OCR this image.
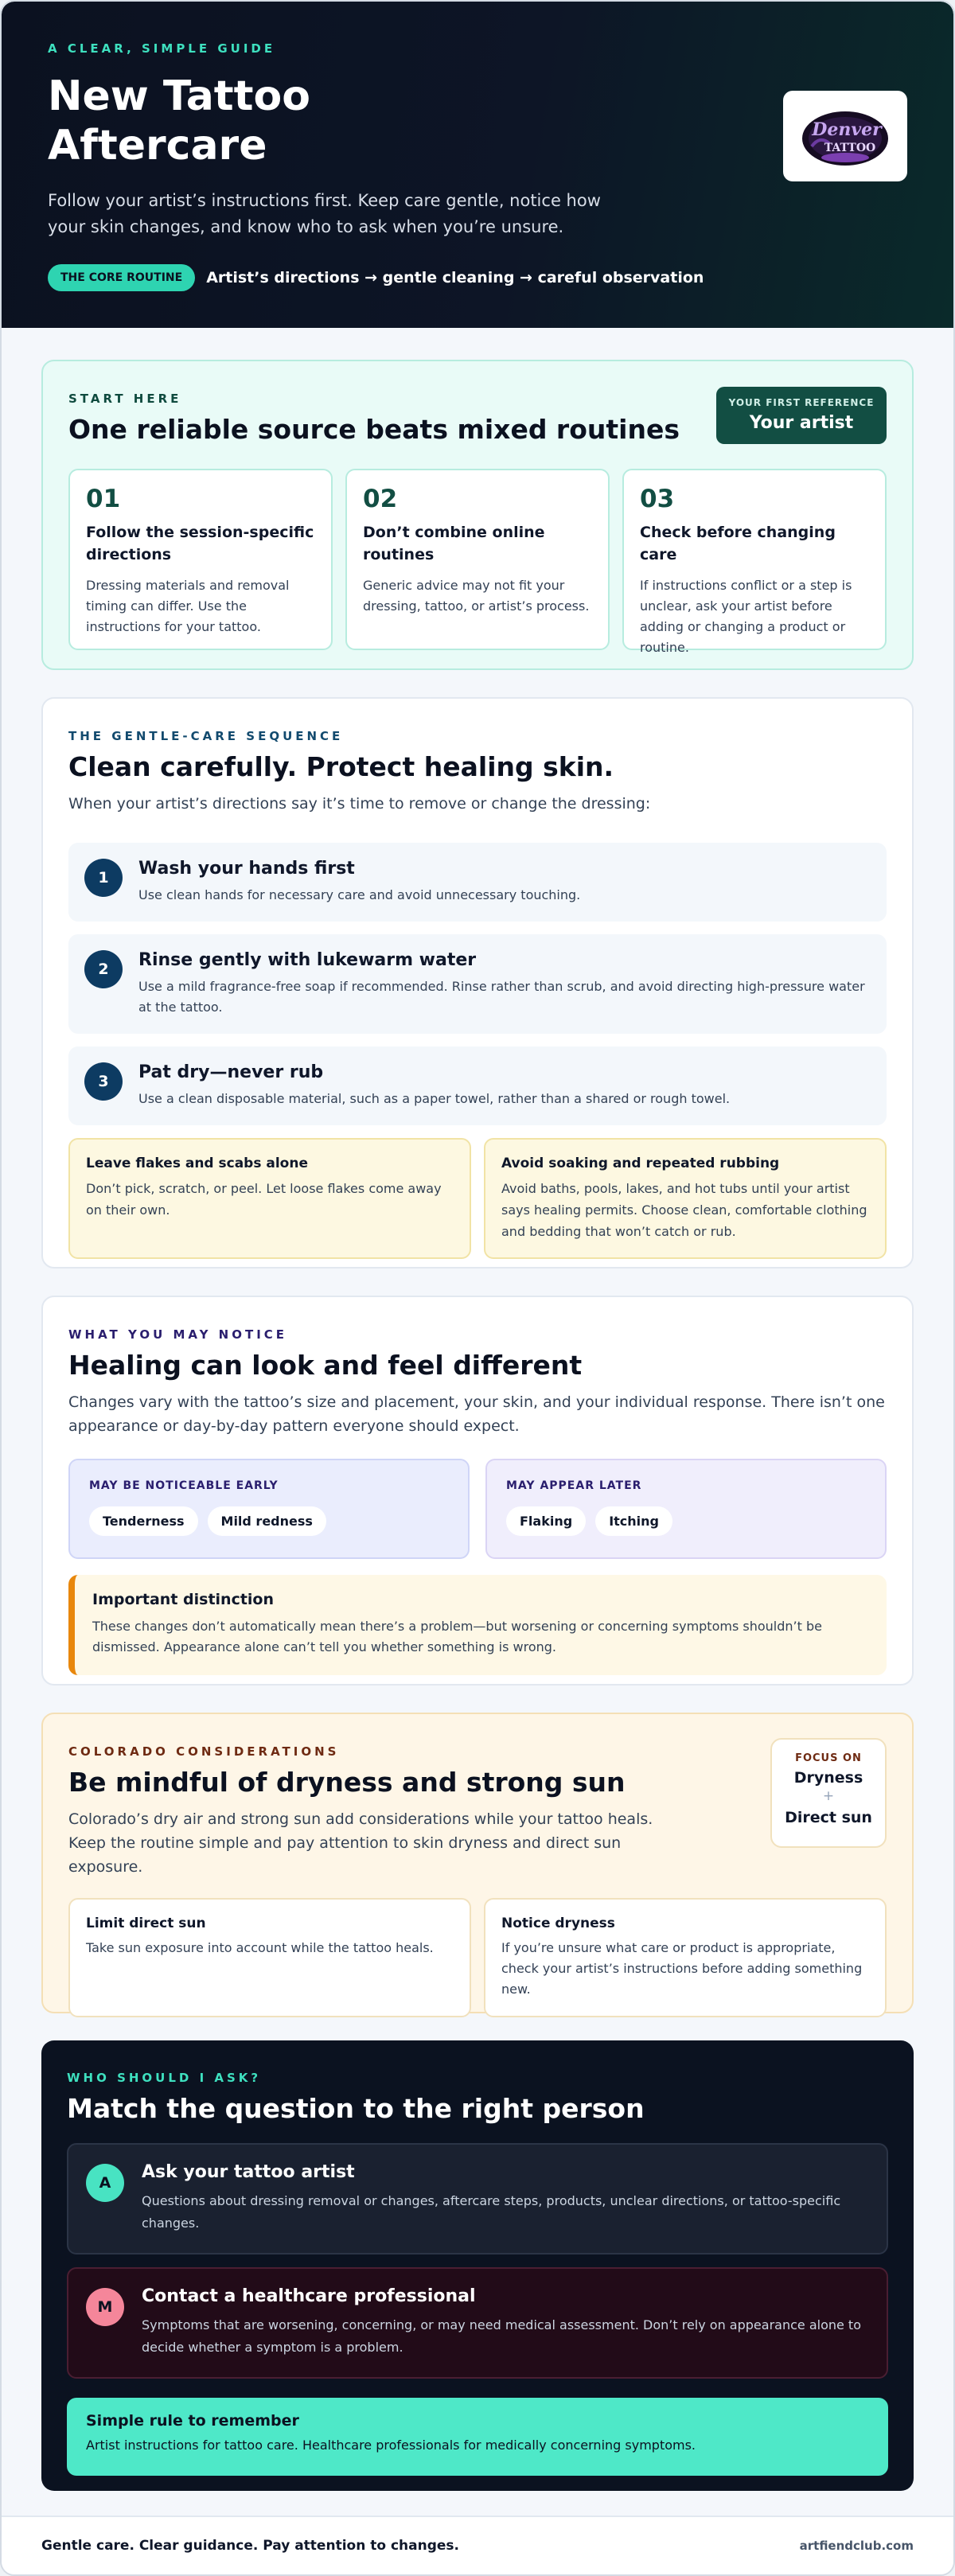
A CLEAR, SIMPLE GUIDE
New Tattoo Aftercare

Follow your artist’s instructions first. Keep care gentle, notice how your skin changes, and know who to ask when you’re unsure.

THE CORE ROUTINE	Artist’s directions → gentle cleaning → careful observation
Denver
TATTOO
START HERE
One reliable source beats mixed routines
YOUR FIRST REFERENCE
Your artist
01
Follow the session-specific directions
Dressing materials and removal timing can differ. Use the instructions for your tattoo.
02
Don’t combine online routines
Generic advice may not fit your dressing, tattoo, or artist’s process.
03
Check before changing care
If instructions conflict or a step is unclear, ask your artist before adding or changing a product or routine.
THE GENTLE-CARE SEQUENCE
Clean carefully. Protect healing skin.

When your artist’s directions say it’s time to remove or change the dressing:

1	Wash your hands first
Use clean hands for necessary care and avoid unnecessary touching.
2	Rinse gently with lukewarm water
Use a mild fragrance-free soap if recommended. Rinse rather than scrub, and avoid directing high-pressure water at the tattoo.
3	Pat dry—never rub
Use a clean disposable material, such as a paper towel, rather than a shared or rough towel.
Leave flakes and scabs alone
Don’t pick, scratch, or peel. Let loose flakes come away on their own.
Avoid soaking and repeated rubbing
Avoid baths, pools, lakes, and hot tubs until your artist says healing permits. Choose clean, comfortable clothing and bedding that won’t catch or rub.
WHAT YOU MAY NOTICE
Healing can look and feel different

Changes vary with the tattoo’s size and placement, your skin, and your individual response. There isn’t one appearance or day-by-day pattern everyone should expect.

MAY BE NOTICEABLE EARLY
Tenderness	Mild redness
MAY APPEAR LATER
Flaking	Itching
Important distinction
These changes don’t automatically mean there’s a problem—but worsening or concerning symptoms shouldn’t be dismissed. Appearance alone can’t tell you whether something is wrong.
COLORADO CONSIDERATIONS
Be mindful of dryness and strong sun

Colorado’s dry air and strong sun add considerations while your tattoo heals. Keep the routine simple and pay attention to skin dryness and direct sun exposure.

FOCUS ON
Dryness
+
Direct sun
Limit direct sun
Take sun exposure into account while the tattoo heals.
Notice dryness
If you’re unsure what care or product is appropriate, check your artist’s instructions before adding something new.
WHO SHOULD I ASK?
Match the question to the right person
A
Ask your tattoo artist
Questions about dressing removal or changes, aftercare steps, products, unclear directions, or tattoo-specific changes.
M
Contact a healthcare professional
Symptoms that are worsening, concerning, or may need medical assessment. Don’t rely on appearance alone to decide whether a symptom is a problem.
Simple rule to remember
Artist instructions for tattoo care. Healthcare professionals for medically concerning symptoms.
Gentle care. Clear guidance. Pay attention to changes.	artfiendclub.com
